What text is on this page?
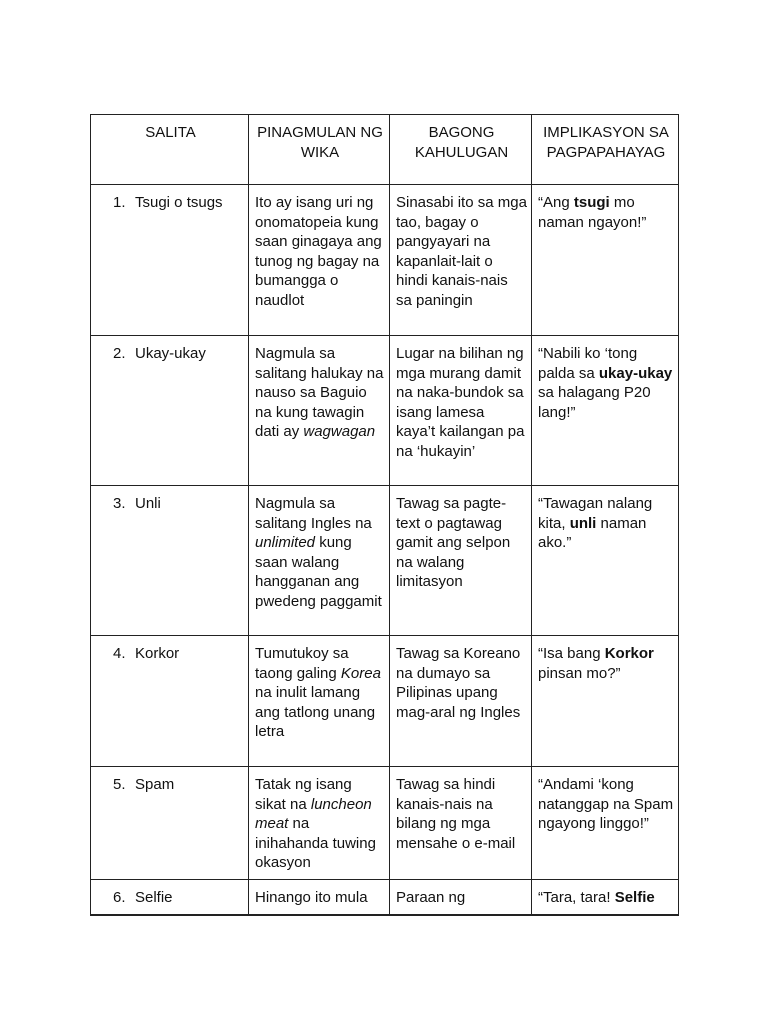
SALITA	PINAGMULAN NG WIKA	BAGONG KAHULUGAN	IMPLIKASYON SA PAGPAPAHAYAG
1. Tsugi o tsugs	Ito ay isang uri ng onomatopeia kung saan ginagaya ang tunog ng bagay na bumangga o naudlot	Sinasabi ito sa mga tao, bagay o pangyayari na kapanlait-lait o hindi kanais-nais sa paningin	“Ang tsugi mo naman ngayon!”
2. Ukay-ukay	Nagmula sa salitang halukay na nauso sa Baguio na kung tawagin dati ay wagwagan	Lugar na bilihan ng mga murang damit na naka-bundok sa isang lamesa kaya’t kailangan pa na ‘hukayin’	“Nabili ko ‘tong palda sa ukay-ukay sa halagang P20 lang!”
3. Unli	Nagmula sa salitang Ingles na unlimited kung saan walang hangganan ang pwedeng paggamit	Tawag sa pagte-text o pagtawag gamit ang selpon na walang limitasyon	“Tawagan nalang kita, unli naman ako.”
4. Korkor	Tumutukoy sa taong galing Korea na inulit lamang ang tatlong unang letra	Tawag sa Koreano na dumayo sa Pilipinas upang mag-aral ng Ingles	“Isa bang Korkor pinsan mo?”
5. Spam	Tatak ng isang sikat na luncheon meat na inihahanda tuwing okasyon	Tawag sa hindi kanais-nais na bilang ng mga mensahe o e-mail	“Andami ‘kong natanggap na Spam ngayong linggo!”
6. Selfie	Hinango ito mula	Paraan ng	“Tara, tara! Selfie
